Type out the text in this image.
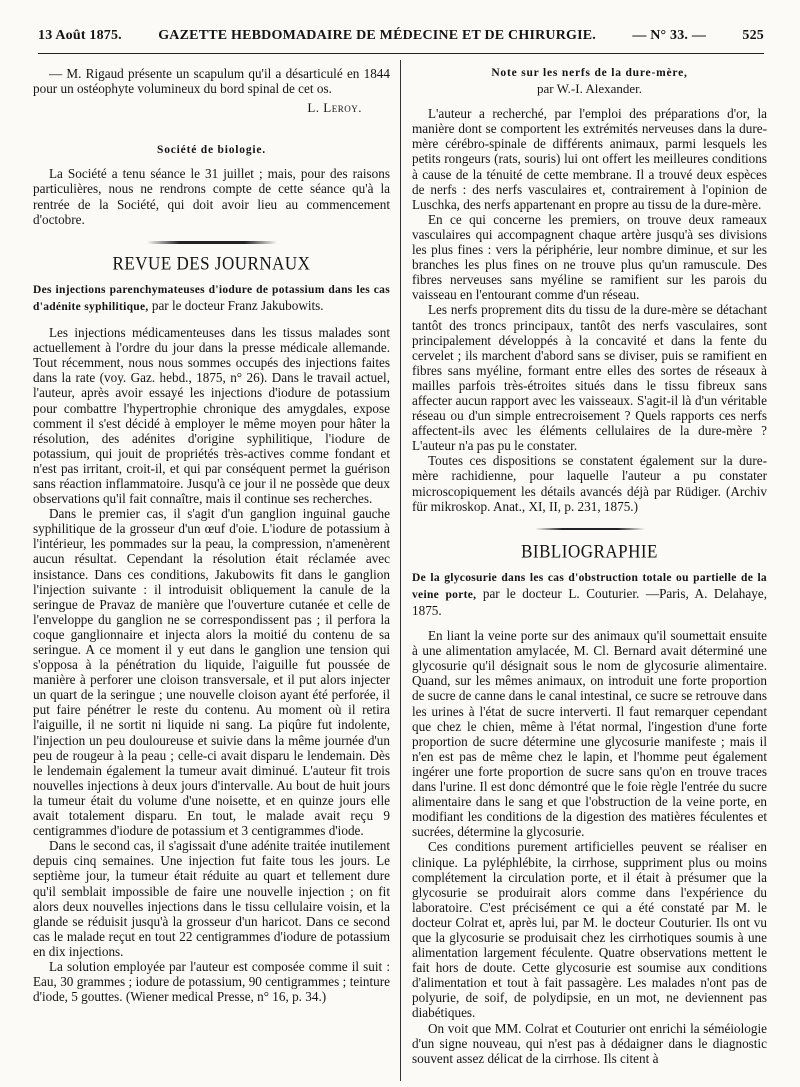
13 Août 1875.	GAZETTE HEBDOMADAIRE DE MÉDECINE ET DE CHIRURGIE.	— N° 33. —	525

— M. Rigaud présente un scapulum qu'il a désarticulé en 1844 pour un ostéophyte volumineux du bord spinal de cet os.

L. Leroy.
Société de biologie.

La Société a tenu séance le 31 juillet ; mais, pour des raisons particulières, nous ne rendrons compte de cette séance qu'à la rentrée de la Société, qui doit avoir lieu au commencement d'octobre.

REVUE DES JOURNAUX

Des injections parenchymateuses d'iodure de potassium dans les cas d'adénite syphilitique, par le docteur Franz Jakubowits.

Les injections médicamenteuses dans les tissus malades sont actuellement à l'ordre du jour dans la presse médicale allemande. Tout récemment, nous nous sommes occupés des injections faites dans la rate (voy. Gaz. hebd., 1875, n° 26). Dans le travail actuel, l'auteur, après avoir essayé les injections d'iodure de potassium pour combattre l'hypertrophie chronique des amygdales, expose comment il s'est décidé à employer le même moyen pour hâter la résolution, des adénites d'origine syphilitique, l'iodure de potassium, qui jouit de propriétés très-actives comme fondant et n'est pas irritant, croit-il, et qui par conséquent permet la guérison sans réaction inflammatoire. Jusqu'à ce jour il ne possède que deux observations qu'il fait connaître, mais il continue ses recherches.

Dans le premier cas, il s'agit d'un ganglion inguinal gauche syphilitique de la grosseur d'un œuf d'oie. L'iodure de potassium à l'intérieur, les pommades sur la peau, la compression, n'amenèrent aucun résultat. Cependant la résolution était réclamée avec insistance. Dans ces conditions, Jakubowits fit dans le ganglion l'injection suivante : il introduisit obliquement la canule de la seringue de Pravaz de manière que l'ouverture cutanée et celle de l'enveloppe du ganglion ne se correspondissent pas ; il perfora la coque ganglionnaire et injecta alors la moitié du contenu de sa seringue. A ce moment il y eut dans le ganglion une tension qui s'opposa à la pénétration du liquide, l'aiguille fut poussée de manière à perforer une cloison transversale, et il put alors injecter un quart de la seringue ; une nouvelle cloison ayant été perforée, il put faire pénétrer le reste du contenu. Au moment où il retira l'aiguille, il ne sortit ni liquide ni sang. La piqûre fut indolente, l'injection un peu douloureuse et suivie dans la même journée d'un peu de rougeur à la peau ; celle-ci avait disparu le lendemain. Dès le lendemain également la tumeur avait diminué. L'auteur fit trois nouvelles injections à deux jours d'intervalle. Au bout de huit jours la tumeur était du volume d'une noisette, et en quinze jours elle avait totalement disparu. En tout, le malade avait reçu 9 centigrammes d'iodure de potassium et 3 centigrammes d'iode.

Dans le second cas, il s'agissait d'une adénite traitée inutilement depuis cinq semaines. Une injection fut faite tous les jours. Le septième jour, la tumeur était réduite au quart et tellement dure qu'il semblait impossible de faire une nouvelle injection ; on fit alors deux nouvelles injections dans le tissu cellulaire voisin, et la glande se réduisit jusqu'à la grosseur d'un haricot. Dans ce second cas le malade reçut en tout 22 centigrammes d'iodure de potassium en dix injections.

La solution employée par l'auteur est composée comme il suit : Eau, 30 grammes ; iodure de potassium, 90 centigrammes ; teinture d'iode, 5 gouttes. (Wiener medical Presse, n° 16, p. 34.)

Note sur les nerfs de la dure-mère,
par W.-I. Alexander.

L'auteur a recherché, par l'emploi des préparations d'or, la manière dont se comportent les extrémités nerveuses dans la dure-mère cérébro-spinale de différents animaux, parmi lesquels les petits rongeurs (rats, souris) lui ont offert les meilleures conditions à cause de la ténuité de cette membrane. Il a trouvé deux espèces de nerfs : des nerfs vasculaires et, contrairement à l'opinion de Luschka, des nerfs appartenant en propre au tissu de la dure-mère.

En ce qui concerne les premiers, on trouve deux rameaux vasculaires qui accompagnent chaque artère jusqu'à ses divisions les plus fines : vers la périphérie, leur nombre diminue, et sur les branches les plus fines on ne trouve plus qu'un ramuscule. Des fibres nerveuses sans myéline se ramifient sur les parois du vaisseau en l'entourant comme d'un réseau.

Les nerfs proprement dits du tissu de la dure-mère se détachant tantôt des troncs principaux, tantôt des nerfs vasculaires, sont principalement développés à la concavité et dans la fente du cervelet ; ils marchent d'abord sans se diviser, puis se ramifient en fibres sans myéline, formant entre elles des sortes de réseaux à mailles parfois très-étroites situés dans le tissu fibreux sans affecter aucun rapport avec les vaisseaux. S'agit-il là d'un véritable réseau ou d'un simple entrecroisement ? Quels rapports ces nerfs affectent-ils avec les éléments cellulaires de la dure-mère ? L'auteur n'a pas pu le constater.

Toutes ces dispositions se constatent également sur la dure-mère rachidienne, pour laquelle l'auteur a pu constater microscopiquement les détails avancés déjà par Rüdiger. (Archiv für mikroskop. Anat., XI, II, p. 231, 1875.)

BIBLIOGRAPHIE

De la glycosurie dans les cas d'obstruction totale ou partielle de la veine porte, par le docteur L. Couturier. —Paris, A. Delahaye, 1875.

En liant la veine porte sur des animaux qu'il soumettait ensuite à une alimentation amylacée, M. Cl. Bernard avait déterminé une glycosurie qu'il désignait sous le nom de glycosurie alimentaire. Quand, sur les mêmes animaux, on introduit une forte proportion de sucre de canne dans le canal intestinal, ce sucre se retrouve dans les urines à l'état de sucre interverti. Il faut remarquer cependant que chez le chien, même à l'état normal, l'ingestion d'une forte proportion de sucre détermine une glycosurie manifeste ; mais il n'en est pas de même chez le lapin, et l'homme peut également ingérer une forte proportion de sucre sans qu'on en trouve traces dans l'urine. Il est donc démontré que le foie règle l'entrée du sucre alimentaire dans le sang et que l'obstruction de la veine porte, en modifiant les conditions de la digestion des matières féculentes et sucrées, détermine la glycosurie.

Ces conditions purement artificielles peuvent se réaliser en clinique. La pyléphlébite, la cirrhose, suppriment plus ou moins complétement la circulation porte, et il était à présumer que la glycosurie se produirait alors comme dans l'expérience du laboratoire. C'est précisément ce qui a été constaté par M. le docteur Colrat et, après lui, par M. le docteur Couturier. Ils ont vu que la glycosurie se produisait chez les cirrhotiques soumis à une alimentation largement féculente. Quatre observations mettent le fait hors de doute. Cette glycosurie est soumise aux conditions d'alimentation et tout à fait passagère. Les malades n'ont pas de polyurie, de soif, de polydipsie, en un mot, ne deviennent pas diabétiques.

On voit que MM. Colrat et Couturier ont enrichi la séméiologie d'un signe nouveau, qui n'est pas à dédaigner dans le diagnostic souvent assez délicat de la cirrhose. Ils citent à
